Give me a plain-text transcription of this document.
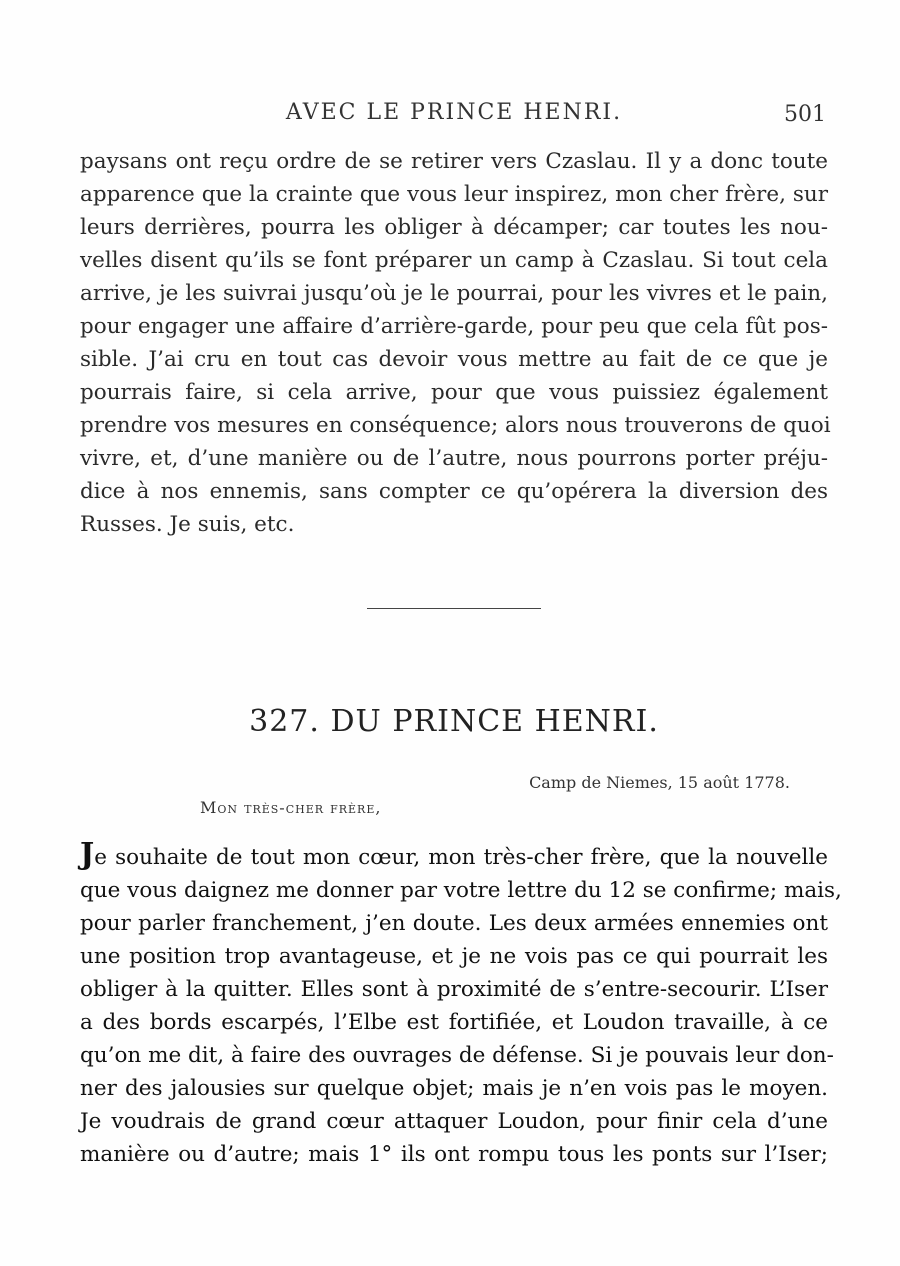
AVEC LE PRINCE HENRI.	501
paysans ont reçu ordre de se retirer vers Czaslau. Il y a donc toute
apparence que la crainte que vous leur inspirez, mon cher frère, sur
leurs derrières, pourra les obliger à décamper; car toutes les nou-
velles disent qu’ils se font préparer un camp à Czaslau. Si tout cela
arrive, je les suivrai jusqu’où je le pourrai, pour les vivres et le pain,
pour engager une affaire d’arrière-garde, pour peu que cela fût pos-
sible. J’ai cru en tout cas devoir vous mettre au fait de ce que je
pourrais faire, si cela arrive, pour que vous puissiez également
prendre vos mesures en conséquence; alors nous trouverons de quoi
vivre, et, d’une manière ou de l’autre, nous pourrons porter préju-
dice à nos ennemis, sans compter ce qu’opérera la diversion des
Russes. Je suis, etc.
327. DU PRINCE HENRI.
Camp de Niemes, 15 août 1778.
Mon très-cher frère,
Je souhaite de tout mon cœur, mon très-cher frère, que la nouvelle
que vous daignez me donner par votre lettre du 12 se confirme; mais,
pour parler franchement, j’en doute. Les deux armées ennemies ont
une position trop avantageuse, et je ne vois pas ce qui pourrait les
obliger à la quitter. Elles sont à proximité de s’entre-secourir. L’Iser
a des bords escarpés, l’Elbe est fortifiée, et Loudon travaille, à ce
qu’on me dit, à faire des ouvrages de défense. Si je pouvais leur don-
ner des jalousies sur quelque objet; mais je n’en vois pas le moyen.
Je voudrais de grand cœur attaquer Loudon, pour finir cela d’une
manière ou d’autre; mais 1° ils ont rompu tous les ponts sur l’Iser;
